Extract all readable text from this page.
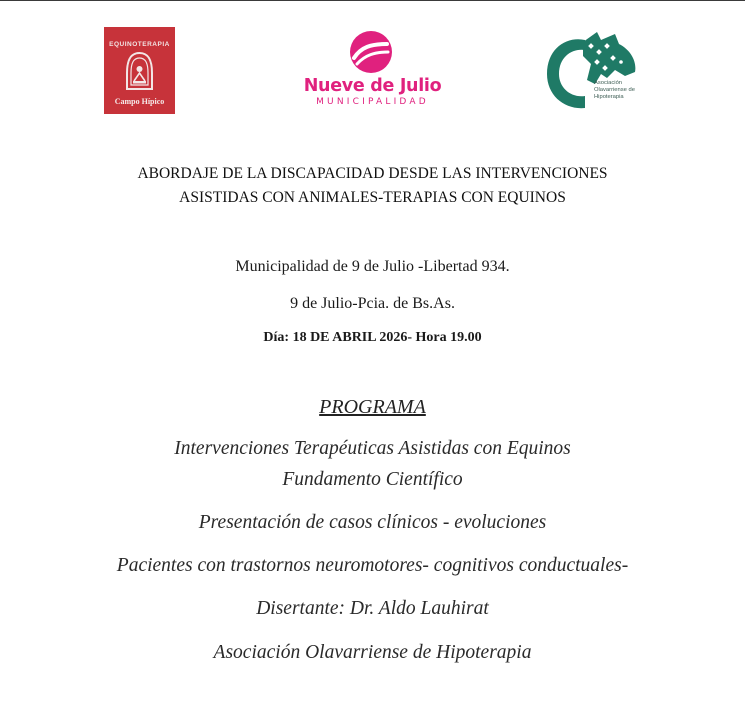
EQUINOTERAPIA
Campo Hípico
Nueve de Julio
MUNICIPALIDAD
Asociación Olavarriense de Hipoterapia
ABORDAJE DE LA DISCAPACIDAD DESDE LAS INTERVENCIONES
ASISTIDAS CON ANIMALES-TERAPIAS CON EQUINOS
Municipalidad de 9 de Julio -Libertad 934.
9 de Julio-Pcia. de Bs.As.
Día: 18 DE ABRIL 2026- Hora 19.00
PROGRAMA
Intervenciones Terapéuticas Asistidas con Equinos
Fundamento Científico
Presentación de casos clínicos - evoluciones
Pacientes con trastornos neuromotores- cognitivos conductuales-
Disertante: Dr. Aldo Lauhirat
Asociación Olavarriense de Hipoterapia
